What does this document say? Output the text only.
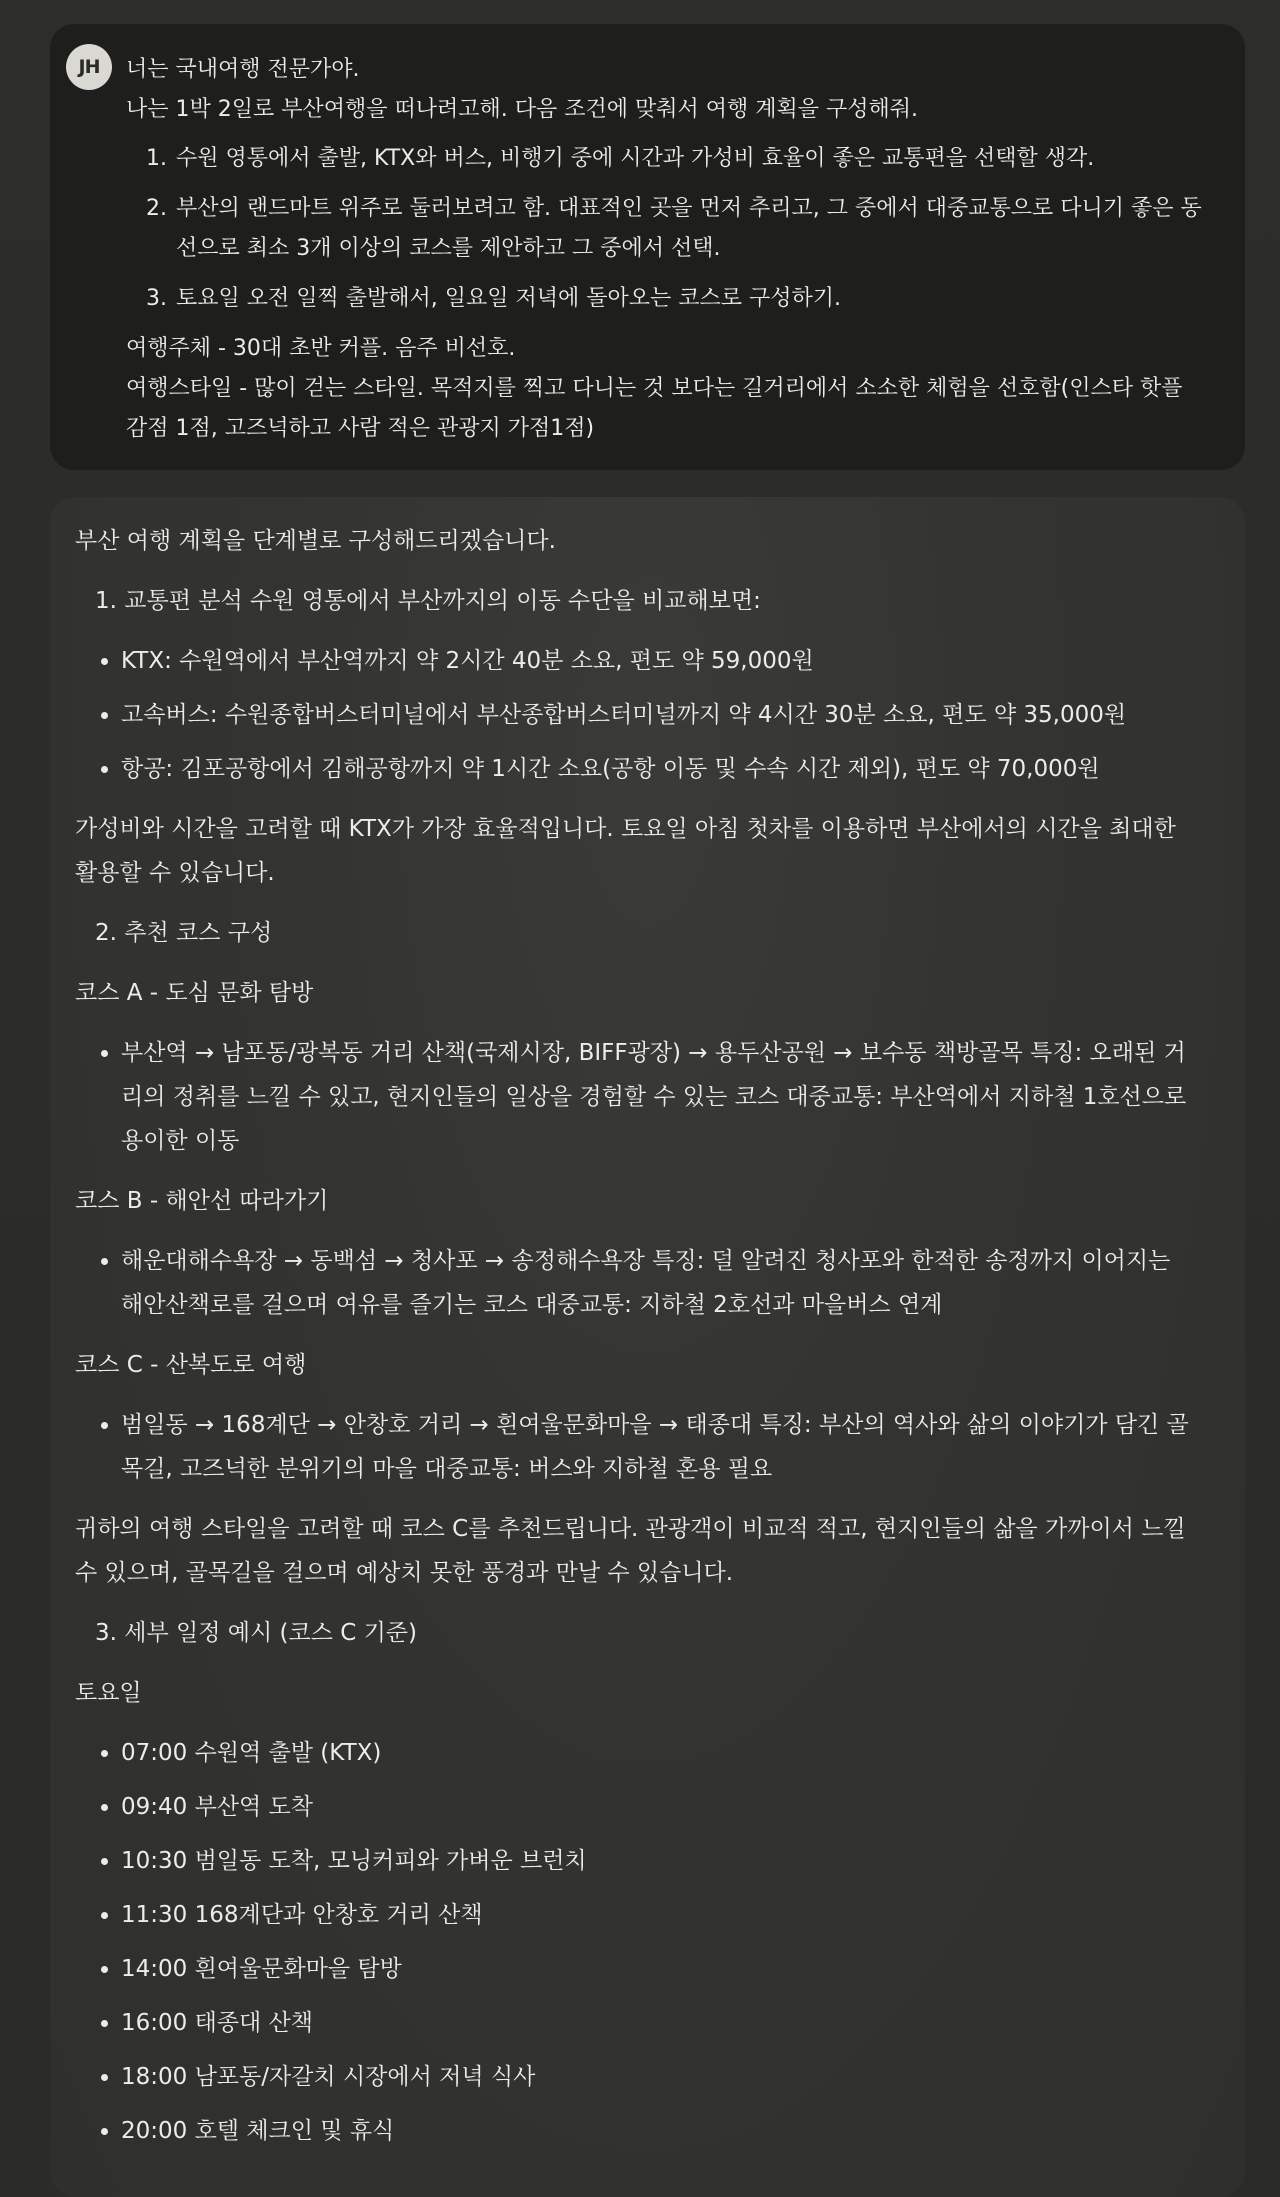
JH	너는 국내여행 전문가야.

나는 1박 2일로 부산여행을 떠나려고해. 다음 조건에 맞춰서 여행 계획을 구성해줘.

1. 수원 영통에서 출발, KTX와 버스, 비행기 중에 시간과 가성비 효율이 좋은 교통편을 선택할 생각.
2. 부산의 랜드마트 위주로 둘러보려고 함. 대표적인 곳을 먼저 추리고, 그 중에서 대중교통으로 다니기 좋은 동선으로 최소 3개 이상의 코스를 제안하고 그 중에서 선택.
3. 토요일 오전 일찍 출발해서, 일요일 저녁에 돌아오는 코스로 구성하기.

여행주체 - 30대 초반 커플. 음주 비선호.

여행스타일 - 많이 걷는 스타일. 목적지를 찍고 다니는 것 보다는 길거리에서 소소한 체험을 선호함(인스타 핫플 감점 1점, 고즈넉하고 사람 적은 관광지 가점1점)

부산 여행 계획을 단계별로 구성해드리겠습니다.

1. 교통편 분석 수원 영통에서 부산까지의 이동 수단을 비교해보면:

KTX: 수원역에서 부산역까지 약 2시간 40분 소요, 편도 약 59,000원
고속버스: 수원종합버스터미널에서 부산종합버스터미널까지 약 4시간 30분 소요, 편도 약 35,000원
항공: 김포공항에서 김해공항까지 약 1시간 소요(공항 이동 및 수속 시간 제외), 편도 약 70,000원

가성비와 시간을 고려할 때 KTX가 가장 효율적입니다. 토요일 아침 첫차를 이용하면 부산에서의 시간을 최대한 활용할 수 있습니다.

2. 추천 코스 구성

코스 A - 도심 문화 탐방

부산역 → 남포동/광복동 거리 산책(국제시장, BIFF광장) → 용두산공원 → 보수동 책방골목 특징: 오래된 거리의 정취를 느낄 수 있고, 현지인들의 일상을 경험할 수 있는 코스 대중교통: 부산역에서 지하철 1호선으로 용이한 이동

코스 B - 해안선 따라가기

해운대해수욕장 → 동백섬 → 청사포 → 송정해수욕장 특징: 덜 알려진 청사포와 한적한 송정까지 이어지는 해안산책로를 걸으며 여유를 즐기는 코스 대중교통: 지하철 2호선과 마을버스 연계

코스 C - 산복도로 여행

범일동 → 168계단 → 안창호 거리 → 흰여울문화마을 → 태종대 특징: 부산의 역사와 삶의 이야기가 담긴 골목길, 고즈넉한 분위기의 마을 대중교통: 버스와 지하철 혼용 필요

귀하의 여행 스타일을 고려할 때 코스 C를 추천드립니다. 관광객이 비교적 적고, 현지인들의 삶을 가까이서 느낄 수 있으며, 골목길을 걸으며 예상치 못한 풍경과 만날 수 있습니다.

3. 세부 일정 예시 (코스 C 기준)

토요일

07:00 수원역 출발 (KTX)
09:40 부산역 도착
10:30 범일동 도착, 모닝커피와 가벼운 브런치
11:30 168계단과 안창호 거리 산책
14:00 흰여울문화마을 탐방
16:00 태종대 산책
18:00 남포동/자갈치 시장에서 저녁 식사
20:00 호텔 체크인 및 휴식
